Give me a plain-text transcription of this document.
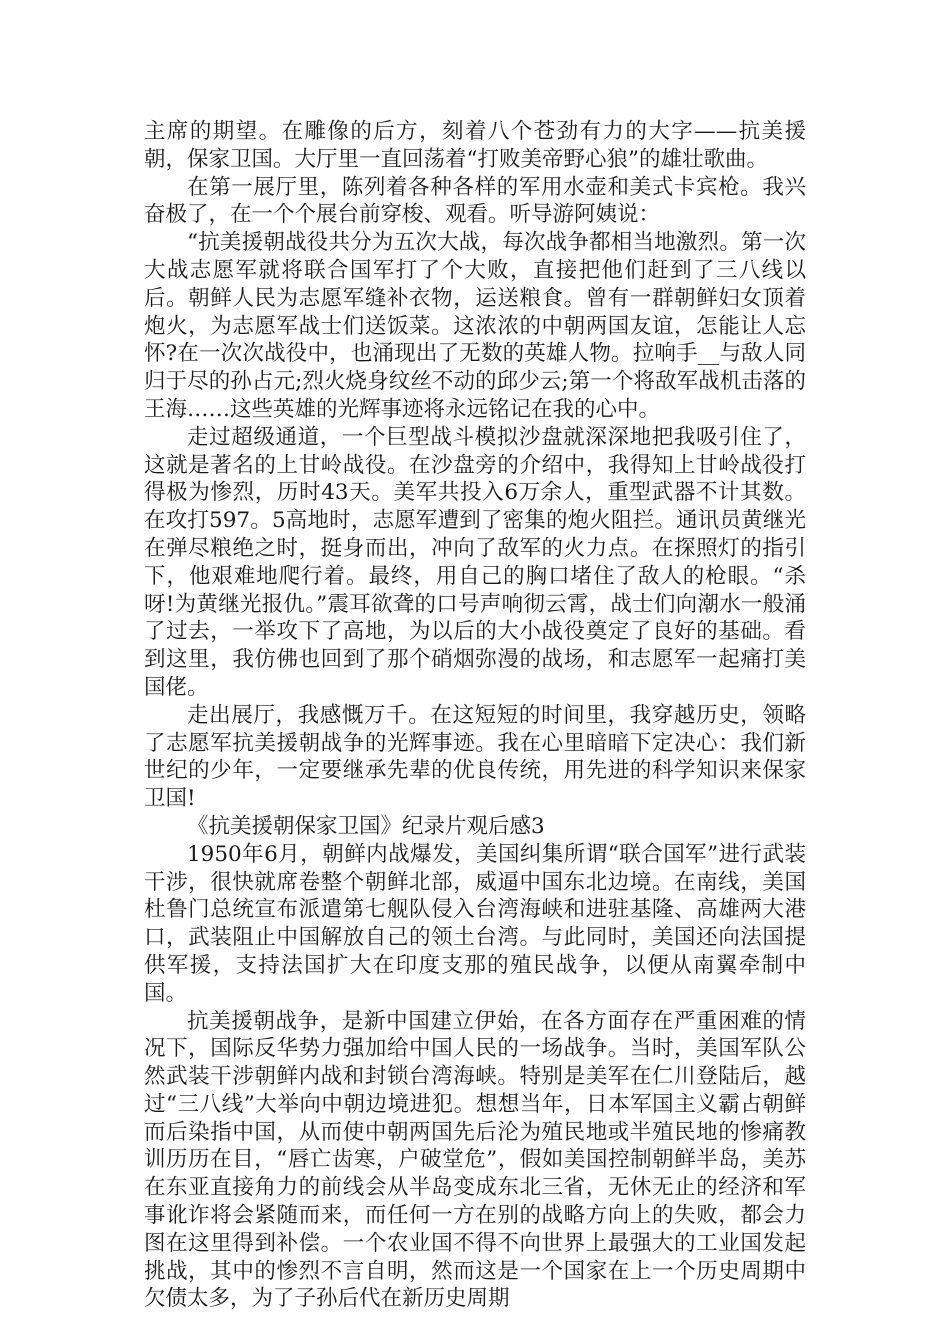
主席的期望。在雕像的后方，刻着八个苍劲有力的大字——抗美援朝，保家卫国。大厅里一直回荡着“打败美帝野心狼”的雄壮歌曲。

在第一展厅里，陈列着各种各样的军用水壶和美式卡宾枪。我兴奋极了，在一个个展台前穿梭、观看。听导游阿姨说：

“抗美援朝战役共分为五次大战，每次战争都相当地激烈。第一次大战志愿军就将联合国军打了个大败，直接把他们赶到了三八线以后。朝鲜人民为志愿军缝补衣物，运送粮食。曾有一群朝鲜妇女顶着炮火，为志愿军战士们送饭菜。这浓浓的中朝两国友谊，怎能让人忘怀?在一次次战役中，也涌现出了无数的英雄人物。拉响手__与敌人同归于尽的孙占元;烈火烧身纹丝不动的邱少云;第一个将敌军战机击落的王海……这些英雄的光辉事迹将永远铭记在我的心中。

走过超级通道，一个巨型战斗模拟沙盘就深深地把我吸引住了，这就是著名的上甘岭战役。在沙盘旁的介绍中，我得知上甘岭战役打得极为惨烈，历时43天。美军共投入6万余人，重型武器不计其数。在攻打597。5高地时，志愿军遭到了密集的炮火阻拦。通讯员黄继光在弹尽粮绝之时，挺身而出，冲向了敌军的火力点。在探照灯的指引下，他艰难地爬行着。最终，用自己的胸口堵住了敌人的枪眼。“杀呀!为黄继光报仇。”震耳欲聋的口号声响彻云霄，战士们向潮水一般涌了过去，一举攻下了高地，为以后的大小战役奠定了良好的基础。看到这里，我仿佛也回到了那个硝烟弥漫的战场，和志愿军一起痛打美国佬。

走出展厅，我感慨万千。在这短短的时间里，我穿越历史，领略了志愿军抗美援朝战争的光辉事迹。我在心里暗暗下定决心：我们新世纪的少年，一定要继承先辈的优良传统，用先进的科学知识来保家卫国!

《抗美援朝保家卫国》纪录片观后感3

1950年6月，朝鲜内战爆发，美国纠集所谓“联合国军”进行武装干涉，很快就席卷整个朝鲜北部，威逼中国东北边境。在南线，美国杜鲁门总统宣布派遣第七舰队侵入台湾海峡和进驻基隆、高雄两大港口，武装阻止中国解放自己的领土台湾。与此同时，美国还向法国提供军援，支持法国扩大在印度支那的殖民战争，以便从南翼牵制中国。

抗美援朝战争，是新中国建立伊始，在各方面存在严重困难的情况下，国际反华势力强加给中国人民的一场战争。当时，美国军队公然武装干涉朝鲜内战和封锁台湾海峡。特别是美军在仁川登陆后，越过“三八线”大举向中朝边境进犯。想想当年，日本军国主义霸占朝鲜而后染指中国，从而使中朝两国先后沦为殖民地或半殖民地的惨痛教训历历在目，“唇亡齿寒，户破堂危”，假如美国控制朝鲜半岛，美苏在东亚直接角力的前线会从半岛变成东北三省，无休无止的经济和军事讹诈将会紧随而来，而任何一方在别的战略方向上的失败，都会力图在这里得到补偿。一个农业国不得不向世界上最强大的工业国发起挑战，其中的惨烈不言自明，然而这是一个国家在上一个历史周期中欠债太多，为了子孙后代在新历史周期
